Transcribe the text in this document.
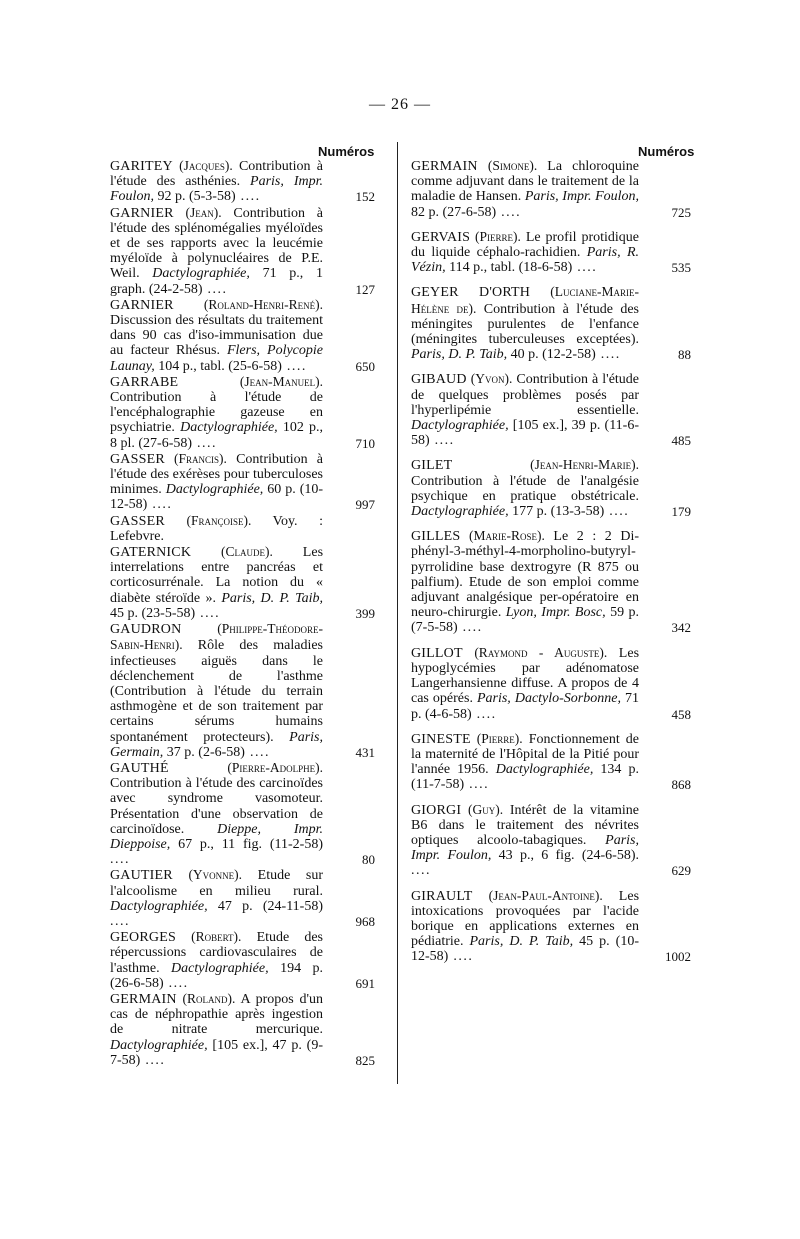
— 26 —
Numéros	Numéros
GARITEY (Jacques). Contribution à l'étude des asthénies. Paris, Impr. Foulon, 92 p. (5-3-58) ....	152
GARNIER (Jean). Contribution à l'étude des splénomégalies myéloïdes et de ses rapports avec la leucémie myéloïde à polynucléaires de P.E. Weil. Dactylographiée, 71 p., 1 graph. (24-2-58) ....	127
GARNIER (Roland-Henri-René). Discussion des résultats du traitement dans 90 cas d'iso-immunisation due au facteur Rhésus. Flers, Polycopie Launay, 104 p., tabl. (25-6-58) ....	650
GARRABE	(Jean-Manuel). Contribution à l'étude de l'encéphalographie gazeuse en psychiatrie. Dactylographiée, 102 p., 8 pl. (27-6-58) ....	710
GASSER (Francis). Contribution à l'étude des exérèses pour tuberculoses minimes. Dactylographiée, 60 p. (10-12-58) ....	997
GASSER (Françoise). Voy. : Lefebvre.
GATERNICK (Claude). Les interrelations entre pancréas et corticosurrénale. La notion du « diabète stéroïde ». Paris, D. P. Taib, 45 p. (23-5-58) ....	399
GAUDRON	(Philippe-Théodore-Sabin-Henri). Rôle des maladies infectieuses aiguës dans le déclenchement de l'asthme (Contribution à l'étude du terrain asthmogène et de son traitement par certains sérums humains spontanément protecteurs). Paris, Germain, 37 p. (2-6-58) ....	431
GAUTHÉ	(Pierre-Adolphe). Contribution à l'étude des carcinoïdes avec syndrome vasomoteur. Présentation d'une observation de carcinoïdose. Dieppe, Impr. Dieppoise, 67 p., 11 fig. (11-2-58) ....	80
GAUTIER (Yvonne). Etude sur l'alcoolisme en milieu rural. Dactylographiée, 47 p. (24-11-58) ....	968
GEORGES (Robert). Etude des répercussions cardiovasculaires de l'asthme. Dactylographiée, 194 p. (26-6-58) ....	691
GERMAIN (Roland). A propos d'un cas de néphropathie après ingestion de nitrate mercurique. Dactylographiée, [105 ex.], 47 p. (9-7-58) ....	825
GERMAIN (Simone). La chloroquine comme adjuvant dans le traitement de la maladie de Hansen. Paris, Impr. Foulon, 82 p. (27-6-58) ....	725
GERVAIS (Pierre). Le profil protidique du liquide céphalo-rachidien. Paris, R. Vézin, 114 p., tabl. (18-6-58) ....	535
GEYER D'ORTH (Luciane-Marie-Hélène de). Contribution à l'étude des méningites purulentes de l'enfance (méningites tuberculeuses exceptées). Paris, D. P. Taib, 40 p. (12-2-58) ....	88
GIBAUD (Yvon). Contribution à l'étude de quelques problèmes posés par l'hyperlipémie essentielle. Dactylographiée, [105 ex.], 39 p. (11-6-58) ....	485
GILET	(Jean-Henri-Marie). Contribution à l'étude de l'analgésie psychique en pratique obstétricale. Dactylographiée, 177 p. (13-3-58) ....	179
GILLES (Marie-Rose). Le 2 : 2 Di-phényl-3-méthyl-4-morpholino-butyryl-pyrrolidine base dextrogyre (R 875 ou palfium). Etude de son emploi comme adjuvant analgésique per-opératoire en neuro-chirurgie. Lyon, Impr. Bosc, 59 p. (7-5-58) ....	342
GILLOT (Raymond - Auguste). Les hypoglycémies par adénomatose Langerhansienne diffuse. A propos de 4 cas opérés. Paris, Dactylo-Sorbonne, 71 p. (4-6-58) ....	458
GINESTE (Pierre). Fonctionnement de la maternité de l'Hôpital de la Pitié pour l'année 1956. Dactylographiée, 134 p. (11-7-58) ....	868
GIORGI (Guy). Intérêt de la vitamine B6 dans le traitement des névrites optiques alcoolo-tabagiques. Paris, Impr. Foulon, 43 p., 6 fig. (24-6-58). ....	629
GIRAULT (Jean-Paul-Antoine). Les intoxications provoquées par l'acide borique en applications externes en pédiatrie. Paris, D. P. Taib, 45 p. (10-12-58) ....	1002
